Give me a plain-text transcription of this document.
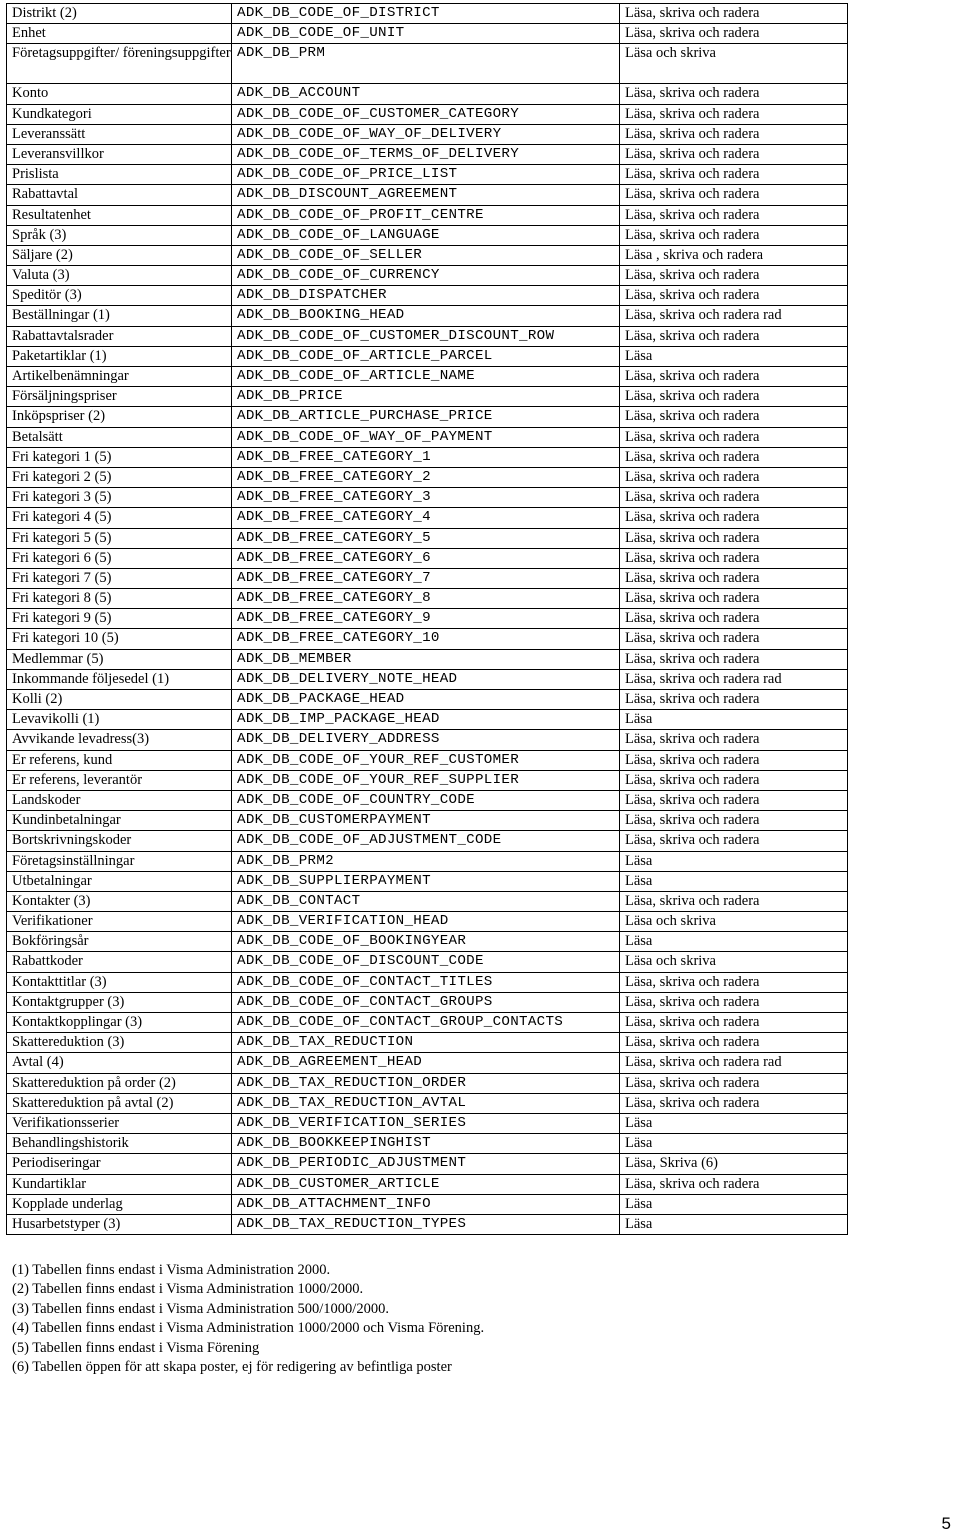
Distrikt (2)	ADK_DB_CODE_OF_DISTRICT	Läsa, skriva och radera
Enhet	ADK_DB_CODE_OF_UNIT	Läsa, skriva och radera
Företagsuppgifter/ föreningsuppgifter	ADK_DB_PRM	Läsa och skriva
Konto	ADK_DB_ACCOUNT	Läsa, skriva och radera
Kundkategori	ADK_DB_CODE_OF_CUSTOMER_CATEGORY	Läsa, skriva och radera
Leveranssätt	ADK_DB_CODE_OF_WAY_OF_DELIVERY	Läsa, skriva och radera
Leveransvillkor	ADK_DB_CODE_OF_TERMS_OF_DELIVERY	Läsa, skriva och radera
Prislista	ADK_DB_CODE_OF_PRICE_LIST	Läsa, skriva och radera
Rabattavtal	ADK_DB_DISCOUNT_AGREEMENT	Läsa, skriva och radera
Resultatenhet	ADK_DB_CODE_OF_PROFIT_CENTRE	Läsa, skriva och radera
Språk (3)	ADK_DB_CODE_OF_LANGUAGE	Läsa, skriva och radera
Säljare (2)	ADK_DB_CODE_OF_SELLER	Läsa , skriva och radera
Valuta (3)	ADK_DB_CODE_OF_CURRENCY	Läsa, skriva och radera
Speditör (3)	ADK_DB_DISPATCHER	Läsa, skriva och radera
Beställningar (1)	ADK_DB_BOOKING_HEAD	Läsa, skriva och radera rad
Rabattavtalsrader	ADK_DB_CODE_OF_CUSTOMER_DISCOUNT_ROW	Läsa, skriva och radera
Paketartiklar (1)	ADK_DB_CODE_OF_ARTICLE_PARCEL	Läsa
Artikelbenämningar	ADK_DB_CODE_OF_ARTICLE_NAME	Läsa, skriva och radera
Försäljningspriser	ADK_DB_PRICE	Läsa, skriva och radera
Inköpspriser (2)	ADK_DB_ARTICLE_PURCHASE_PRICE	Läsa, skriva och radera
Betalsätt	ADK_DB_CODE_OF_WAY_OF_PAYMENT	Läsa, skriva och radera
Fri kategori 1 (5)	ADK_DB_FREE_CATEGORY_1	Läsa, skriva och radera
Fri kategori 2 (5)	ADK_DB_FREE_CATEGORY_2	Läsa, skriva och radera
Fri kategori 3 (5)	ADK_DB_FREE_CATEGORY_3	Läsa, skriva och radera
Fri kategori 4 (5)	ADK_DB_FREE_CATEGORY_4	Läsa, skriva och radera
Fri kategori 5 (5)	ADK_DB_FREE_CATEGORY_5	Läsa, skriva och radera
Fri kategori 6 (5)	ADK_DB_FREE_CATEGORY_6	Läsa, skriva och radera
Fri kategori 7 (5)	ADK_DB_FREE_CATEGORY_7	Läsa, skriva och radera
Fri kategori 8 (5)	ADK_DB_FREE_CATEGORY_8	Läsa, skriva och radera
Fri kategori 9 (5)	ADK_DB_FREE_CATEGORY_9	Läsa, skriva och radera
Fri kategori 10 (5)	ADK_DB_FREE_CATEGORY_10	Läsa, skriva och radera
Medlemmar (5)	ADK_DB_MEMBER	Läsa, skriva och radera
Inkommande följesedel (1)	ADK_DB_DELIVERY_NOTE_HEAD	Läsa, skriva och radera rad
Kolli (2)	ADK_DB_PACKAGE_HEAD	Läsa, skriva och radera
Levavikolli (1)	ADK_DB_IMP_PACKAGE_HEAD	Läsa
Avvikande levadress(3)	ADK_DB_DELIVERY_ADDRESS	Läsa, skriva och radera
Er referens, kund	ADK_DB_CODE_OF_YOUR_REF_CUSTOMER	Läsa, skriva och radera
Er referens, leverantör	ADK_DB_CODE_OF_YOUR_REF_SUPPLIER	Läsa, skriva och radera
Landskoder	ADK_DB_CODE_OF_COUNTRY_CODE	Läsa, skriva och radera
Kundinbetalningar	ADK_DB_CUSTOMERPAYMENT	Läsa, skriva och radera
Bortskrivningskoder	ADK_DB_CODE_OF_ADJUSTMENT_CODE	Läsa, skriva och radera
Företagsinställningar	ADK_DB_PRM2	Läsa
Utbetalningar	ADK_DB_SUPPLIERPAYMENT	Läsa
Kontakter (3)	ADK_DB_CONTACT	Läsa, skriva och radera
Verifikationer	ADK_DB_VERIFICATION_HEAD	Läsa och skriva
Bokföringsår	ADK_DB_CODE_OF_BOOKINGYEAR	Läsa
Rabattkoder	ADK_DB_CODE_OF_DISCOUNT_CODE	Läsa och skriva
Kontakttitlar (3)	ADK_DB_CODE_OF_CONTACT_TITLES	Läsa, skriva och radera
Kontaktgrupper (3)	ADK_DB_CODE_OF_CONTACT_GROUPS	Läsa, skriva och radera
Kontaktkopplingar (3)	ADK_DB_CODE_OF_CONTACT_GROUP_CONTACTS	Läsa, skriva och radera
Skattereduktion (3)	ADK_DB_TAX_REDUCTION	Läsa, skriva och radera
Avtal (4)	ADK_DB_AGREEMENT_HEAD	Läsa, skriva och radera rad
Skattereduktion på order (2)	ADK_DB_TAX_REDUCTION_ORDER	Läsa, skriva och radera
Skattereduktion på avtal (2)	ADK_DB_TAX_REDUCTION_AVTAL	Läsa, skriva och radera
Verifikationsserier	ADK_DB_VERIFICATION_SERIES	Läsa
Behandlingshistorik	ADK_DB_BOOKKEEPINGHIST	Läsa
Periodiseringar	ADK_DB_PERIODIC_ADJUSTMENT	Läsa, Skriva (6)
Kundartiklar	ADK_DB_CUSTOMER_ARTICLE	Läsa, skriva och radera
Kopplade underlag	ADK_DB_ATTACHMENT_INFO	Läsa
Husarbetstyper (3)	ADK_DB_TAX_REDUCTION_TYPES	Läsa
(1) Tabellen finns endast i Visma Administration 2000.
(2) Tabellen finns endast i Visma Administration 1000/2000.
(3) Tabellen finns endast i Visma Administration 500/1000/2000.
(4) Tabellen finns endast i Visma Administration 1000/2000 och Visma Förening.
(5) Tabellen finns endast i Visma Förening
(6) Tabellen öppen för att skapa poster, ej för redigering av befintliga poster
5
